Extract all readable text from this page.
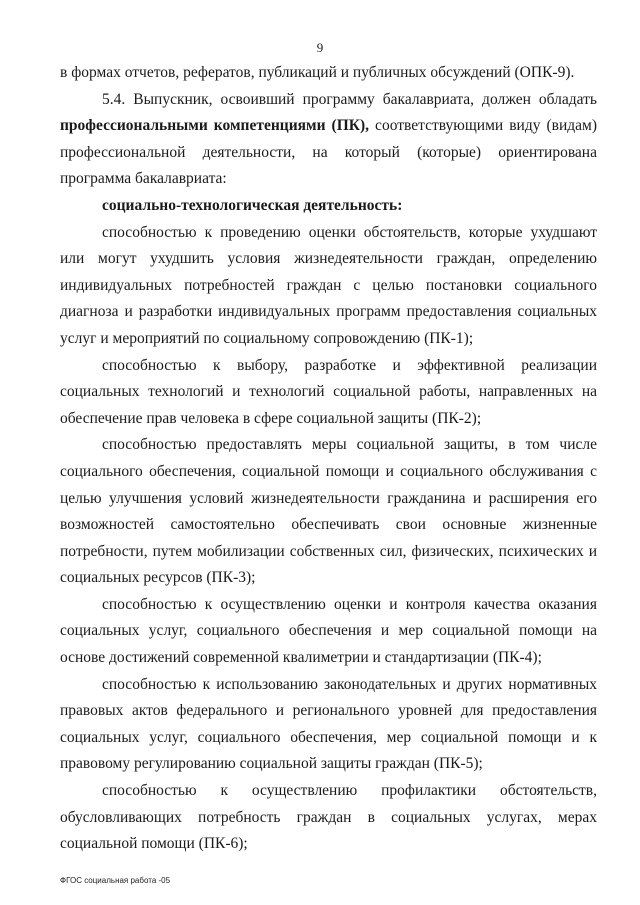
9

в формах отчетов, рефератов, публикаций и публичных обсуждений (ОПК-9).

5.4. Выпускник, освоивший программу бакалавриата, должен обладать профессиональными компетенциями (ПК), соответствующими виду (видам) профессиональной деятельности, на который (которые) ориентирована программа бакалавриата:

социально-технологическая деятельность:

способностью к проведению оценки обстоятельств, которые ухудшают или могут ухудшить условия жизнедеятельности граждан, определению индивидуальных потребностей граждан с целью постановки социального диагноза и разработки индивидуальных программ предоставления социальных услуг и мероприятий по социальному сопровождению (ПК-1);

способностью к выбору, разработке и эффективной реализации социальных технологий и технологий социальной работы, направленных на обеспечение прав человека в сфере социальной защиты (ПК-2);

способностью предоставлять меры социальной защиты, в том числе социального обеспечения, социальной помощи и социального обслуживания с целью улучшения условий жизнедеятельности гражданина и расширения его возможностей самостоятельно обеспечивать свои основные жизненные потребности, путем мобилизации собственных сил, физических, психических и социальных ресурсов (ПК-3);

способностью к осуществлению оценки и контроля качества оказания социальных услуг, социального обеспечения и мер социальной помощи на основе достижений современной квалиметрии и стандартизации (ПК-4);

способностью к использованию законодательных и других нормативных правовых актов федерального и регионального уровней для предоставления социальных услуг, социального обеспечения, мер социальной помощи и к правовому регулированию социальной защиты граждан (ПК-5);

способностью к осуществлению профилактики обстоятельств, обусловливающих потребность граждан в социальных услугах, мерах социальной помощи (ПК-6);

ФГОС социальная работа -05
